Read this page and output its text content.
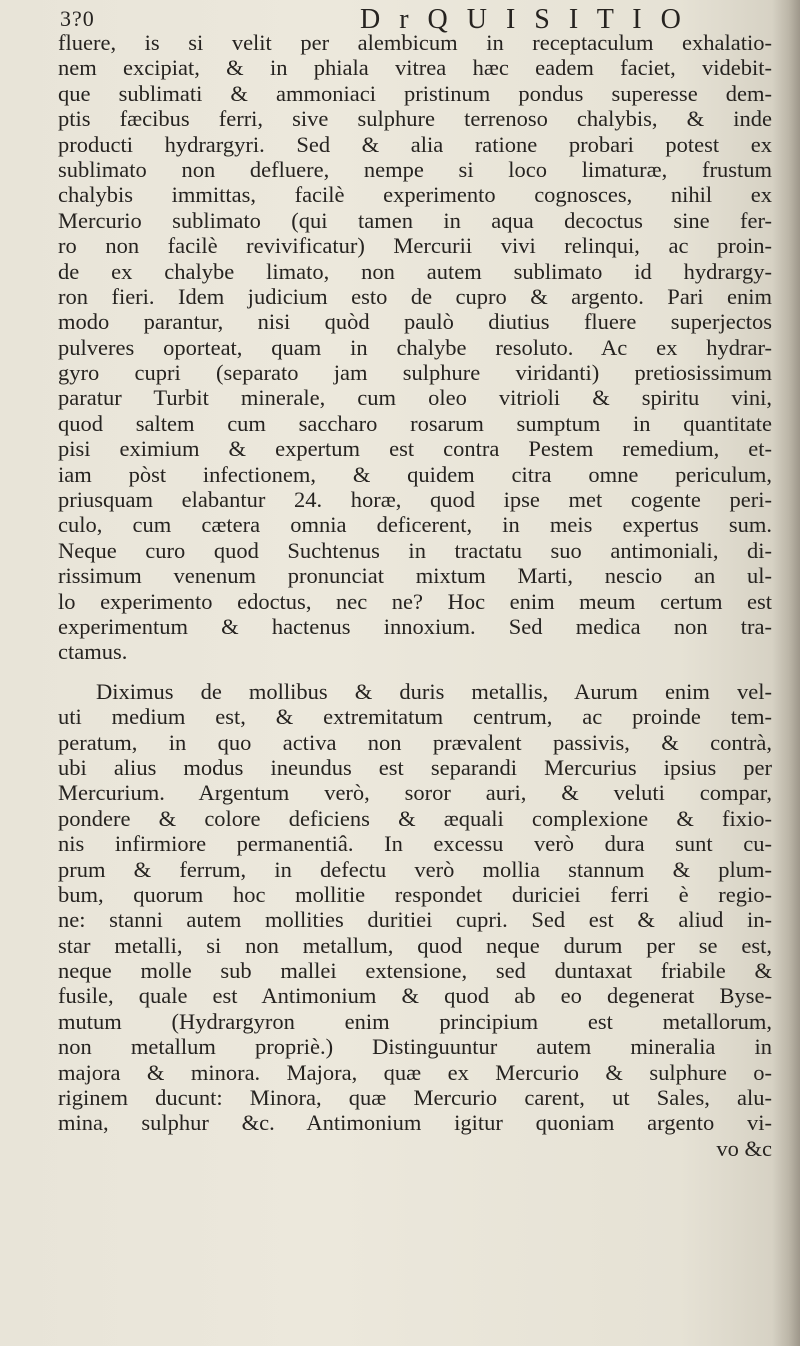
3?0	D r Q U I S I T I O
fluere, is si velit per alembicum in receptaculum exhalatio-
nem excipiat, & in phiala vitrea hæc eadem faciet, videbit-
que sublimati & ammoniaci pristinum pondus superesse dem-
ptis fæcibus ferri, sive sulphure terrenoso chalybis, & inde
producti hydrargyri. Sed & alia ratione probari potest ex
sublimato non defluere, nempe si loco limaturæ, frustum
chalybis immittas, facilè experimento cognosces, nihil ex
Mercurio sublimato (qui tamen in aqua decoctus sine fer-
ro non facilè revivificatur) Mercurii vivi relinqui, ac proin-
de ex chalybe limato, non autem sublimato id hydrargy-
ron fieri. Idem judicium esto de cupro & argento. Pari enim
modo parantur, nisi quòd paulò diutius fluere superjectos
pulveres oporteat, quam in chalybe resoluto. Ac ex hydrar-
gyro cupri (separato jam sulphure viridanti) pretiosissimum
paratur Turbit minerale, cum oleo vitrioli & spiritu vini,
quod saltem cum saccharo rosarum sumptum in quantitate
pisi eximium & expertum est contra Pestem remedium, et-
iam pòst infectionem, & quidem citra omne periculum,
priusquam elabantur 24. horæ, quod ipse met cogente peri-
culo, cum cætera omnia deficerent, in meis expertus sum.
Neque curo quod Suchtenus in tractatu suo antimoniali, di-
rissimum venenum pronunciat mixtum Marti, nescio an ul-
lo experimento edoctus, nec ne? Hoc enim meum certum est
experimentum & hactenus innoxium. Sed medica non tra-
ctamus.
Diximus de mollibus & duris metallis, Aurum enim vel-
uti medium est, & extremitatum centrum, ac proinde tem-
peratum, in quo activa non prævalent passivis, & contrà,
ubi alius modus ineundus est separandi Mercurius ipsius per
Mercurium. Argentum verò, soror auri, & veluti compar,
pondere & colore deficiens & æquali complexione & fixio-
nis infirmiore permanentiâ. In excessu verò dura sunt cu-
prum & ferrum, in defectu verò mollia stannum & plum-
bum, quorum hoc mollitie respondet duriciei ferri è regio-
ne: stanni autem mollities duritiei cupri. Sed est & aliud in-
star metalli, si non metallum, quod neque durum per se est,
neque molle sub mallei extensione, sed duntaxat friabile &
fusile, quale est Antimonium & quod ab eo degenerat Byse-
mutum (Hydrargyron enim principium est metallorum,
non metallum propriè.) Distinguuntur autem mineralia in
majora & minora. Majora, quæ ex Mercurio & sulphure o-
riginem ducunt: Minora, quæ Mercurio carent, ut Sales, alu-
mina, sulphur &c. Antimonium igitur quoniam argento vi-
vo &c
